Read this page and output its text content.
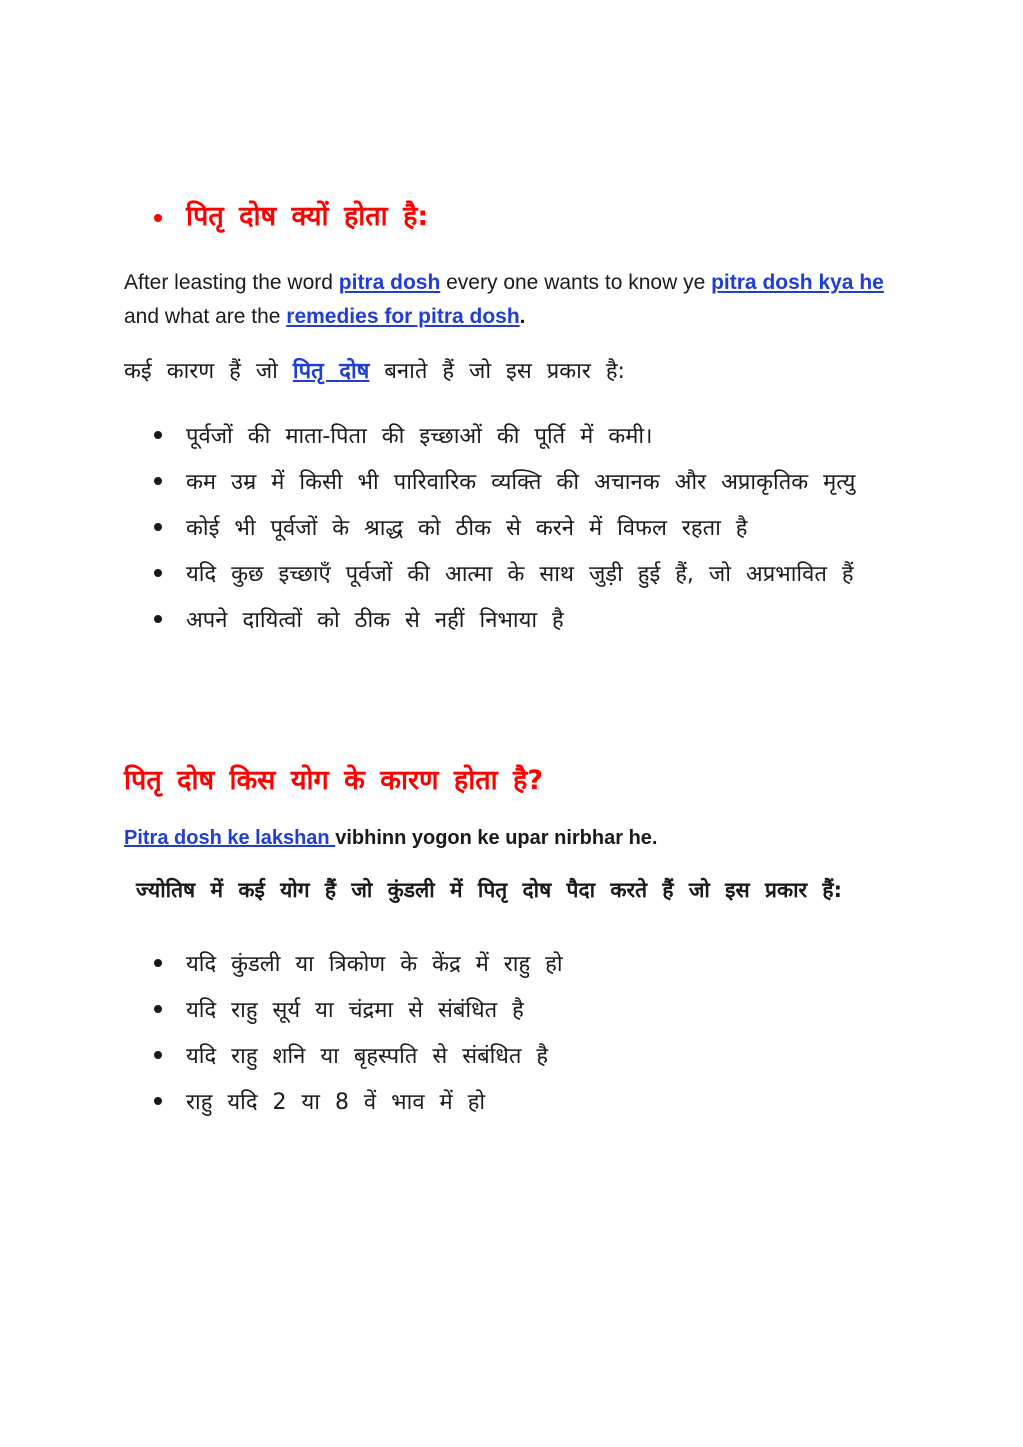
पितृ दोष क्यों होता है:
After leasting the word pitra dosh every one wants to know ye pitra dosh kya he and what are the remedies for pitra dosh.
कई कारण हैं जो पितृ दोष बनाते हैं जो इस प्रकार है:
पूर्वजों की माता-पिता की इच्छाओं की पूर्ति में कमी।
कम उम्र में किसी भी पारिवारिक व्यक्ति की अचानक और अप्राकृतिक मृत्यु
कोई भी पूर्वजों के श्राद्ध को ठीक से करने में विफल रहता है
यदि कुछ इच्छाएँ पूर्वजों की आत्मा के साथ जुड़ी हुई हैं, जो अप्रभावित हैं
अपने दायित्वों को ठीक से नहीं निभाया है
पितृ दोष किस योग के कारण होता है?
Pitra dosh ke lakshan vibhinn yogon ke upar nirbhar he.
ज्योतिष में कई योग हैं जो कुंडली में पितृ दोष पैदा करते हैं जो इस प्रकार हैं:
यदि कुंडली या त्रिकोण के केंद्र में राहु हो
यदि राहु सूर्य या चंद्रमा से संबंधित है
यदि राहु शनि या बृहस्पति से संबंधित है
राहु यदि 2 या 8 वें भाव में हो
